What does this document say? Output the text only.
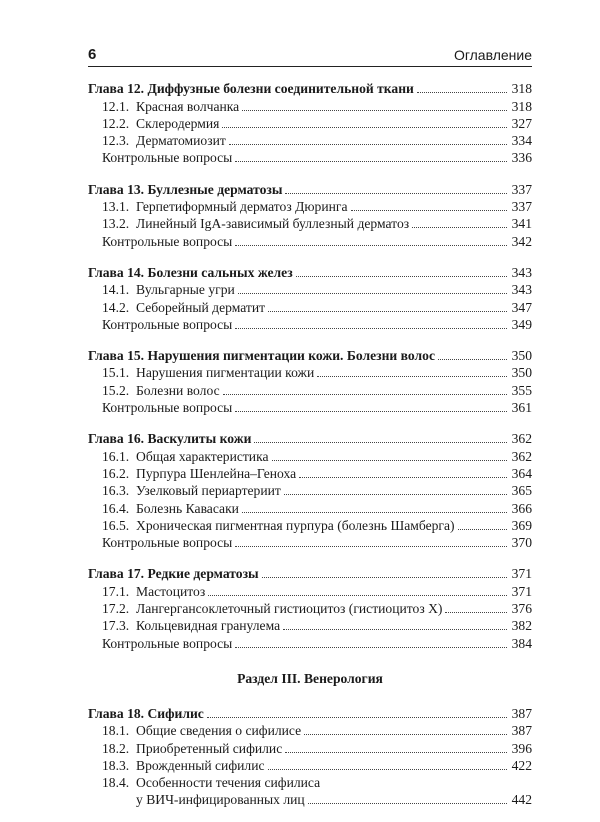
6	Оглавление
Глава 12. Диффузные болезни соединительной ткани	318
12.1. Красная волчанка	318
12.2. Склеродермия	327
12.3. Дерматомиозит	334
Контрольные вопросы	336
Глава 13. Буллезные дерматозы	337
13.1. Герпетиформный дерматоз Дюринга	337
13.2. Линейный IgA-зависимый буллезный дерматоз	341
Контрольные вопросы	342
Глава 14. Болезни сальных желез	343
14.1. Вульгарные угри	343
14.2. Себорейный дерматит	347
Контрольные вопросы	349
Глава 15. Нарушения пигментации кожи. Болезни волос	350
15.1. Нарушения пигментации кожи	350
15.2. Болезни волос	355
Контрольные вопросы	361
Глава 16. Васкулиты кожи	362
16.1. Общая характеристика	362
16.2. Пурпура Шенлейна–Геноха	364
16.3. Узелковый периартериит	365
16.4. Болезнь Кавасаки	366
16.5. Хроническая пигментная пурпура (болезнь Шамберга)	369
Контрольные вопросы	370
Глава 17. Редкие дерматозы	371
17.1. Мастоцитоз	371
17.2. Лангергансоклеточный гистиоцитоз (гистиоцитоз Х)	376
17.3. Кольцевидная гранулема	382
Контрольные вопросы	384
Раздел III. Венерология
Глава 18. Сифилис	387
18.1. Общие сведения о сифилисе	387
18.2. Приобретенный сифилис	396
18.3. Врожденный сифилис	422
18.4. Особенности течения сифилиса
у ВИЧ-инфицированных лиц	442
